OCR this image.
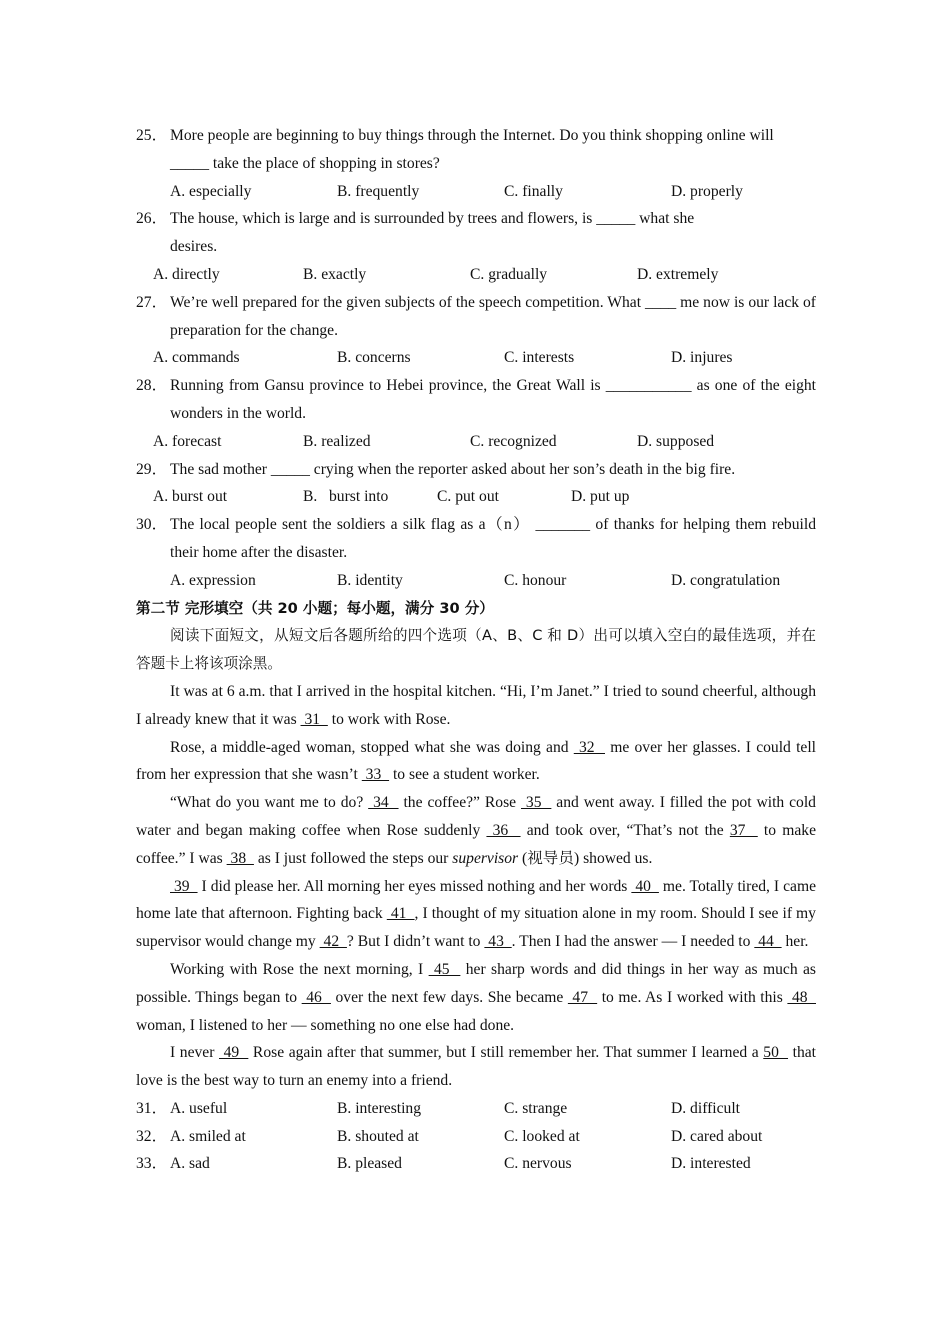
25． More people are beginning to buy things through the Internet. Do you think shopping online will _____ take the place of shopping in stores?
A. especially	B. frequently	C. finally	D. properly
26． The house, which is large and is surrounded by trees and flowers, is _____ what she desires.
A. directly	B. exactly	C. gradually	D. extremely
27． We’re well prepared for the given subjects of the speech competition. What ____ me now is our lack of preparation for the change.
A. commands	B. concerns	C. interests	D. injures
28． Running from Gansu province to Hebei province, the Great Wall is ___________ as one of the eight wonders in the world.
A. forecast	B. realized	C. recognized	D. supposed
29． The sad mother _____ crying when the reporter asked about her son’s death in the big fire.
A. burst out	B.   burst into	C. put out	D. put up
30． The local people sent the soldiers a silk flag as a（n） _______ of thanks for helping them rebuild their home after the disaster.
A. expression	B. identity	C. honour	D. congratulation
第二节 完形填空（共 20 小题；每小题，满分 30 分）
阅读下面短文，从短文后各题所给的四个选项（A、B、C 和 D）出可以填入空白的最佳选项，并在答题卡上将该项涂黑。
It was at 6 a.m. that I arrived in the hospital kitchen. “Hi, I’m Janet.” I tried to sound cheerful, although I already knew that it was  31   to work with Rose.
Rose, a middle-aged woman, stopped what she was doing and  32   me over her glasses. I could tell from her expression that she wasn’t  33   to see a student worker.
“What do you want me to do?  34   the coffee?” Rose  35   and went away. I filled the pot with cold water and began making coffee when Rose suddenly  36   and took over, “That’s not the 37   to make coffee.” I was  38   as I just followed the steps our supervisor (视导员) showed us.
39   I did please her. All morning her eyes missed nothing and her words  40   me. Totally tired, I came home late that afternoon. Fighting back  41  , I thought of my situation alone in my room. Should I see if my supervisor would change my  42  ? But I didn’t want to  43  . Then I had the answer — I needed to  44   her.
Working with Rose the next morning, I  45   her sharp words and did things in her way as much as possible. Things began to  46   over the next few days. She became  47   to me. As I worked with this  48   woman, I listened to her — something no one else had done.
I never  49   Rose again after that summer, but I still remember her. That summer I learned a 50   that love is the best way to turn an enemy into a friend.
31． A. useful	B. interesting	C. strange	D. difficult
32． A. smiled at	B. shouted at	C. looked at	D. cared about
33． A. sad	B. pleased	C. nervous	D. interested
